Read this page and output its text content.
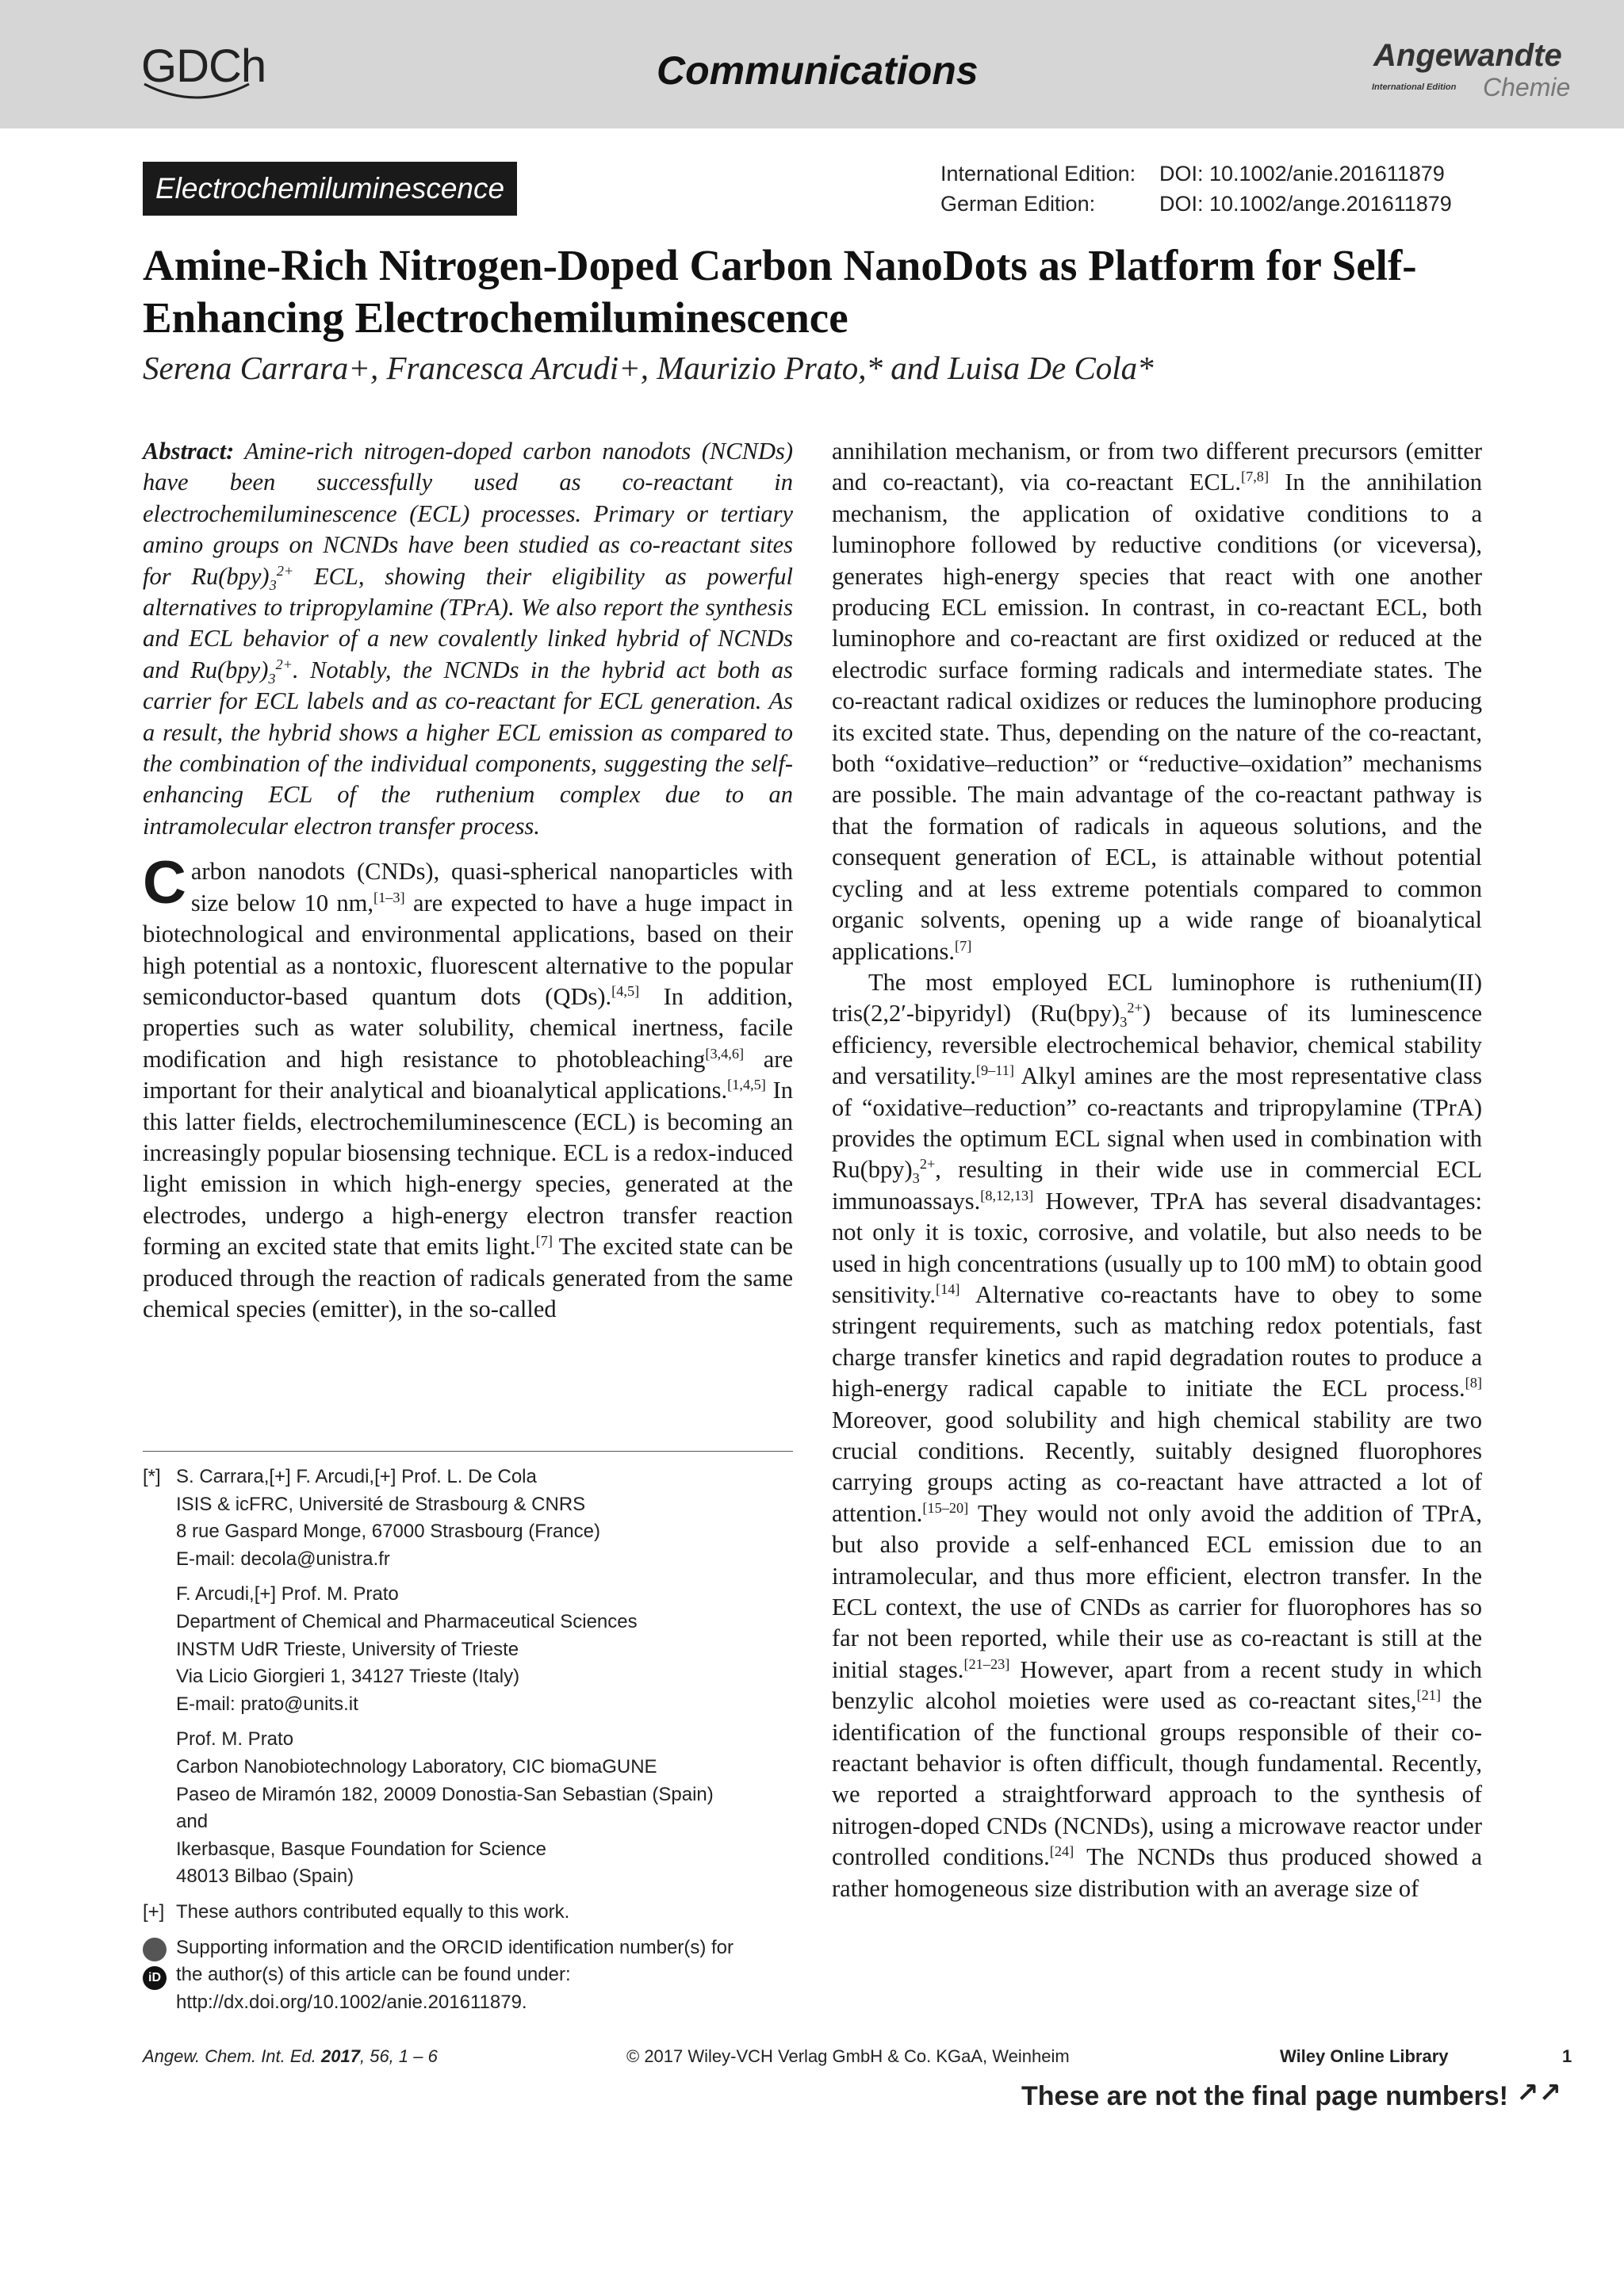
GDCh	Communications	Angewandte
International Edition Chemie
Electrochemiluminescence	International Edition:	DOI: 10.1002/anie.201611879
German Edition:	DOI: 10.1002/ange.201611879
Amine-Rich Nitrogen-Doped Carbon NanoDots as Platform for Self-Enhancing Electrochemiluminescence
Serena Carrara+, Francesca Arcudi+, Maurizio Prato,* and Luisa De Cola*
Abstract: Amine-rich nitrogen-doped carbon nanodots (NCNDs) have been successfully used as co-reactant in electrochemiluminescence (ECL) processes. Primary or tertiary amino groups on NCNDs have been studied as co-reactant sites for $Ru(bpy)_3^{2+}$ ECL, showing their eligibility as powerful alternatives to tripropylamine (TPrA). We also report the synthesis and ECL behavior of a new covalently linked hybrid of NCNDs and $Ru(bpy)_3^{2+}$. Notably, the NCNDs in the hybrid act both as carrier for ECL labels and as co-reactant for ECL generation. As a result, the hybrid shows a higher ECL emission as compared to the combination of the individual components, suggesting the self-enhancing ECL of the ruthenium complex due to an intramolecular electron transfer process.
Carbon nanodots (CNDs), quasi-spherical nanoparticles with size below 10 nm,[1–3] are expected to have a huge impact in biotechnological and environmental applications, based on their high potential as a nontoxic, fluorescent alternative to the popular semiconductor-based quantum dots (QDs).[4,5] In addition, properties such as water solubility, chemical inertness, facile modification and high resistance to photobleaching[3,4,6] are important for their analytical and bioanalytical applications.[1,4,5] In this latter fields, electrochemiluminescence (ECL) is becoming an increasingly popular biosensing technique. ECL is a redox-induced light emission in which high-energy species, generated at the electrodes, undergo a high-energy electron transfer reaction forming an excited state that emits light.[7] The excited state can be produced through the reaction of radicals generated from the same chemical species (emitter), in the so-called
[*] S. Carrara,[+] F. Arcudi,[+] Prof. L. De Cola
ISIS & icFRC, Université de Strasbourg & CNRS
8 rue Gaspard Monge, 67000 Strasbourg (France)
E-mail: decola@unistra.fr
F. Arcudi,[+] Prof. M. Prato
Department of Chemical and Pharmaceutical Sciences
INSTM UdR Trieste, University of Trieste
Via Licio Giorgieri 1, 34127 Trieste (Italy)
E-mail: prato@units.it
Prof. M. Prato
Carbon Nanobiotechnology Laboratory, CIC biomaGUNE
Paseo de Miramón 182, 20009 Donostia-San Sebastian (Spain)
and
Ikerbasque, Basque Foundation for Science
48013 Bilbao (Spain)
[+] These authors contributed equally to this work.
iD
Supporting information and the ORCID identification number(s) for
the author(s) of this article can be found under:
http://dx.doi.org/10.1002/anie.201611879.
annihilation mechanism, or from two different precursors (emitter and co-reactant), via co-reactant ECL.[7,8] In the annihilation mechanism, the application of oxidative conditions to a luminophore followed by reductive conditions (or viceversa), generates high-energy species that react with one another producing ECL emission. In contrast, in co-reactant ECL, both luminophore and co-reactant are first oxidized or reduced at the electrodic surface forming radicals and intermediate states. The co-reactant radical oxidizes or reduces the luminophore producing its excited state. Thus, depending on the nature of the co-reactant, both “oxidative–reduction” or “reductive–oxidation” mechanisms are possible. The main advantage of the co-reactant pathway is that the formation of radicals in aqueous solutions, and the consequent generation of ECL, is attainable without potential cycling and at less extreme potentials compared to common organic solvents, opening up a wide range of bioanalytical applications.[7]
The most employed ECL luminophore is ruthenium(II) tris(2,2′-bipyridyl) $(Ru(bpy)_3^{2+})$ because of its luminescence efficiency, reversible electrochemical behavior, chemical stability and versatility.[9–11] Alkyl amines are the most representative class of “oxidative–reduction” co-reactants and tripropylamine (TPrA) provides the optimum ECL signal when used in combination with $Ru(bpy)_3^{2+}$, resulting in their wide use in commercial ECL immunoassays.[8,12,13] However, TPrA has several disadvantages: not only it is toxic, corrosive, and volatile, but also needs to be used in high concentrations (usually up to 100 mM) to obtain good sensitivity.[14] Alternative co-reactants have to obey to some stringent requirements, such as matching redox potentials, fast charge transfer kinetics and rapid degradation routes to produce a high-energy radical capable to initiate the ECL process.[8] Moreover, good solubility and high chemical stability are two crucial conditions. Recently, suitably designed fluorophores carrying groups acting as co-reactant have attracted a lot of attention.[15–20] They would not only avoid the addition of TPrA, but also provide a self-enhanced ECL emission due to an intramolecular, and thus more efficient, electron transfer. In the ECL context, the use of CNDs as carrier for fluorophores has so far not been reported, while their use as co-reactant is still at the initial stages.[21–23] However, apart from a recent study in which benzylic alcohol moieties were used as co-reactant sites,[21] the identification of the functional groups responsible of their co-reactant behavior is often difficult, though fundamental. Recently, we reported a straightforward approach to the synthesis of nitrogen-doped CNDs (NCNDs), using a microwave reactor under controlled conditions.[24] The NCNDs thus produced showed a rather homogeneous size distribution with an average size of
Angew. Chem. Int. Ed. 2017, 56, 1 – 6	© 2017 Wiley-VCH Verlag GmbH & Co. KGaA, Weinheim	Wiley Online Library	1
These are not the final page numbers! ↗↗
